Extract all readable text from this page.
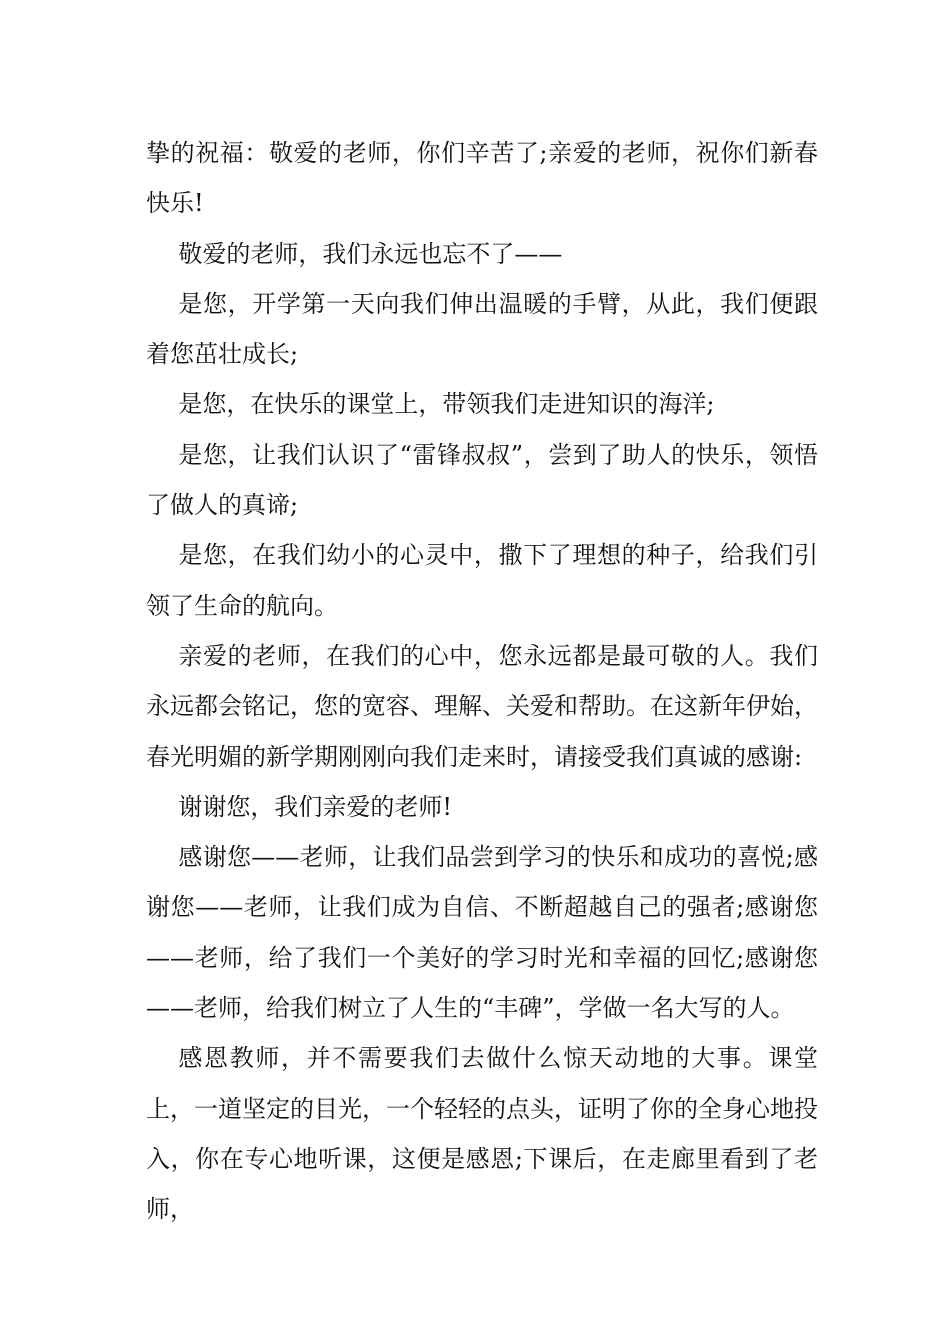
挚的祝福：敬爱的老师，你们辛苦了;亲爱的老师，祝你们新春快乐!

敬爱的老师，我们永远也忘不了——

是您，开学第一天向我们伸出温暖的手臂，从此，我们便跟着您茁壮成长;

是您，在快乐的课堂上，带领我们走进知识的海洋;

是您，让我们认识了“雷锋叔叔”，尝到了助人的快乐，领悟了做人的真谛;

是您，在我们幼小的心灵中，撒下了理想的种子，给我们引领了生命的航向。

亲爱的老师，在我们的心中，您永远都是最可敬的人。我们永远都会铭记，您的宽容、理解、关爱和帮助。在这新年伊始，春光明媚的新学期刚刚向我们走来时，请接受我们真诚的感谢:

谢谢您，我们亲爱的老师!

感谢您——老师，让我们品尝到学习的快乐和成功的喜悦;感谢您——老师，让我们成为自信、不断超越自己的强者;感谢您——老师，给了我们一个美好的学习时光和幸福的回忆;感谢您——老师，给我们树立了人生的“丰碑”，学做一名大写的人。

感恩教师，并不需要我们去做什么惊天动地的大事。课堂上，一道坚定的目光，一个轻轻的点头，证明了你的全身心地投入，你在专心地听课，这便是感恩;下课后，在走廊里看到了老师，
